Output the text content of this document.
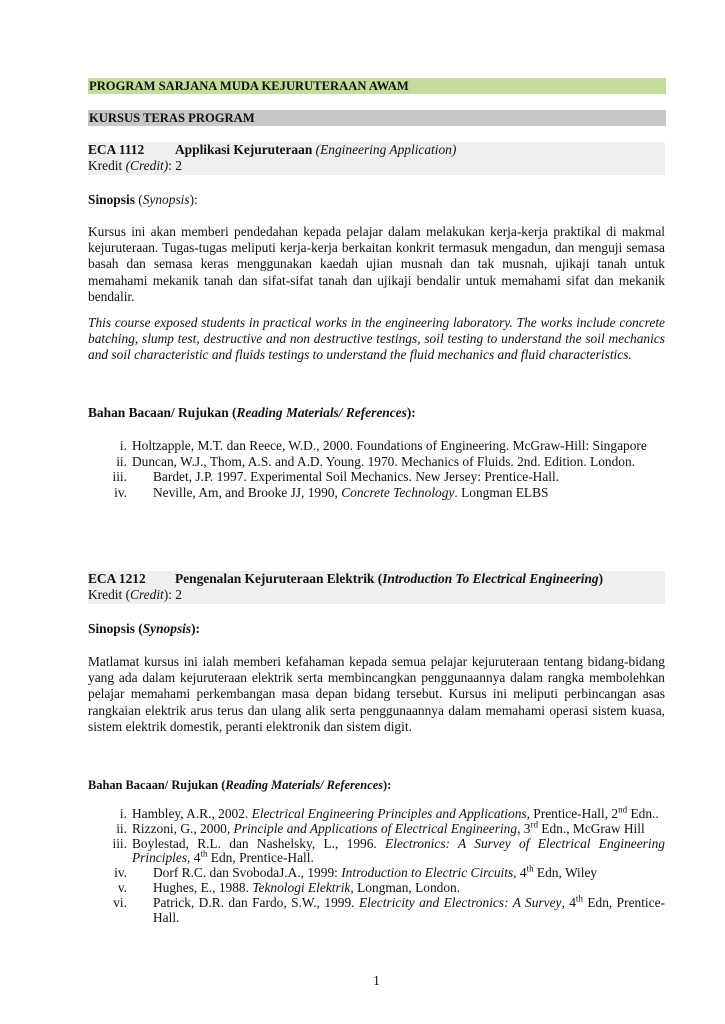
PROGRAM SARJANA MUDA KEJURUTERAAN AWAM
KURSUS TERAS PROGRAM
ECA 1112 Applikasi Kejuruteraan (Engineering Application)
Kredit (Credit): 2
Sinopsis (Synopsis):

Kursus ini akan memberi pendedahan kepada pelajar dalam melakukan kerja-kerja praktikal di makmal kejuruteraan. Tugas-tugas meliputi kerja-kerja berkaitan konkrit termasuk mengadun, dan menguji semasa basah dan semasa keras menggunakan kaedah ujian musnah dan tak musnah, ujikaji tanah untuk memahami mekanik tanah dan sifat-sifat tanah dan ujikaji bendalir untuk memahami sifat dan mekanik bendalir.

This course exposed students in practical works in the engineering laboratory. The works include concrete batching, slump test, destructive and non destructive testings, soil testing to understand the soil mechanics and soil characteristic and fluids testings to understand the fluid mechanics and fluid characteristics.

Bahan Bacaan/ Rujukan (Reading Materials/ References):
i. Holtzapple, M.T. dan Reece, W.D., 2000. Foundations of Engineering. McGraw-Hill: Singapore
ii. Duncan, W.J., Thom, A.S. and A.D. Young. 1970. Mechanics of Fluids. 2nd. Edition. London.
iii.	Bardet, J.P. 1997. Experimental Soil Mechanics. New Jersey: Prentice-Hall.
iv.	Neville, Am, and Brooke JJ, 1990, Concrete Technology. Longman ELBS
ECA 1212 Pengenalan Kejuruteraan Elektrik (Introduction To Electrical Engineering)
Kredit (Credit): 2
Sinopsis (Synopsis):

Matlamat kursus ini ialah memberi kefahaman kepada semua pelajar kejuruteraan tentang bidang-bidang yang ada dalam kejuruteraan elektrik serta membincangkan penggunaannya dalam rangka membolehkan pelajar memahami perkembangan masa depan bidang tersebut. Kursus ini meliputi perbincangan asas rangkaian elektrik arus terus dan ulang alik serta penggunaannya dalam memahami operasi sistem kuasa, sistem elektrik domestik, peranti elektronik dan sistem digit.

Bahan Bacaan/ Rujukan (Reading Materials/ References):
i. Hambley, A.R., 2002. Electrical Engineering Principles and Applications, Prentice-Hall, 2nd Edn..
ii. Rizzoni, G., 2000, Principle and Applications of Electrical Engineering, 3rd Edn., McGraw Hill
iii. Boylestad, R.L. dan Nashelsky, L., 1996. Electronics: A Survey of Electrical Engineering Principles, 4th Edn, Prentice-Hall.
iv.	Dorf R.C. dan SvobodaJ.A., 1999: Introduction to Electric Circuits, 4th Edn, Wiley
v.	Hughes, E., 1988. Teknologi Elektrik, Longman, London.
vi.	Patrick, D.R. dan Fardo, S.W., 1999. Electricity and Electronics: A Survey, 4th Edn, Prentice-Hall.
1
